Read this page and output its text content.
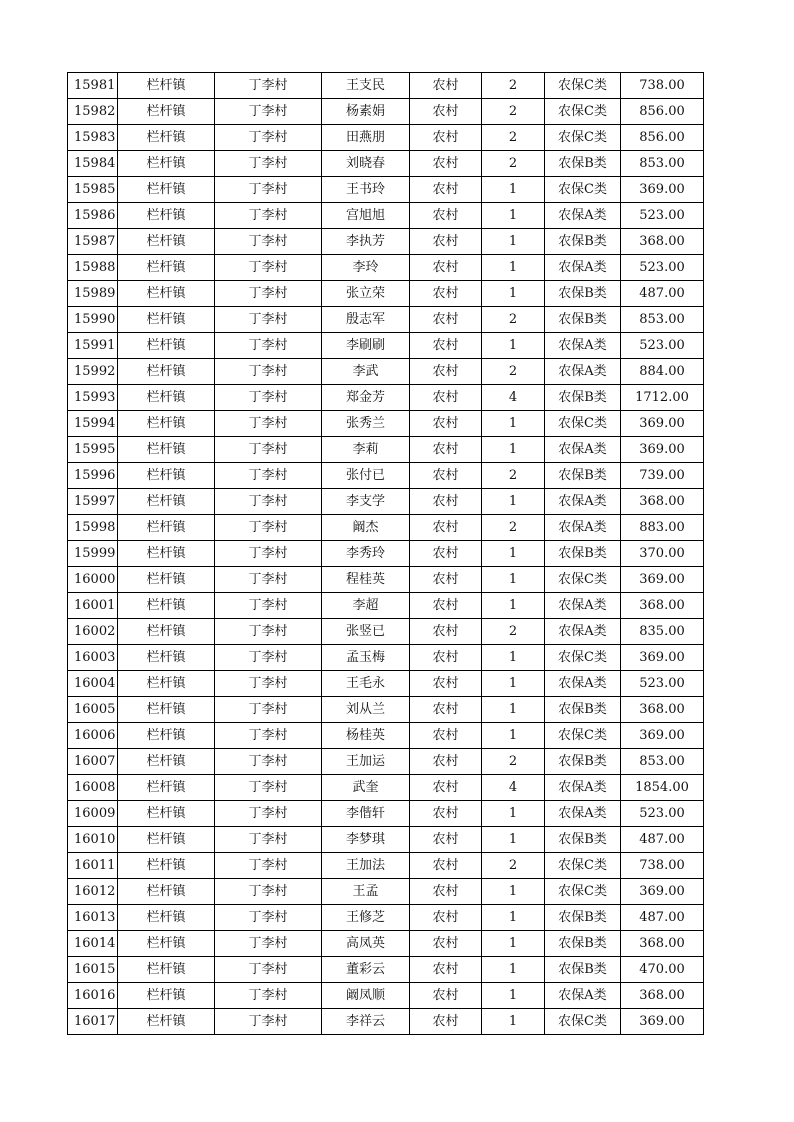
15981	栏杆镇	丁李村	王支民	农村	2	农保C类	738.00
15982	栏杆镇	丁李村	杨素娟	农村	2	农保C类	856.00
15983	栏杆镇	丁李村	田燕朋	农村	2	农保C类	856.00
15984	栏杆镇	丁李村	刘晓春	农村	2	农保B类	853.00
15985	栏杆镇	丁李村	王书玲	农村	1	农保C类	369.00
15986	栏杆镇	丁李村	宫旭旭	农村	1	农保A类	523.00
15987	栏杆镇	丁李村	李执芳	农村	1	农保B类	368.00
15988	栏杆镇	丁李村	李玲	农村	1	农保A类	523.00
15989	栏杆镇	丁李村	张立荣	农村	1	农保B类	487.00
15990	栏杆镇	丁李村	殷志军	农村	2	农保B类	853.00
15991	栏杆镇	丁李村	李刷刷	农村	1	农保A类	523.00
15992	栏杆镇	丁李村	李武	农村	2	农保A类	884.00
15993	栏杆镇	丁李村	郑金芳	农村	4	农保B类	1712.00
15994	栏杆镇	丁李村	张秀兰	农村	1	农保C类	369.00
15995	栏杆镇	丁李村	李莉	农村	1	农保A类	369.00
15996	栏杆镇	丁李村	张付已	农村	2	农保B类	739.00
15997	栏杆镇	丁李村	李支学	农村	1	农保A类	368.00
15998	栏杆镇	丁李村	阚杰	农村	2	农保A类	883.00
15999	栏杆镇	丁李村	李秀玲	农村	1	农保B类	370.00
16000	栏杆镇	丁李村	程桂英	农村	1	农保C类	369.00
16001	栏杆镇	丁李村	李超	农村	1	农保A类	368.00
16002	栏杆镇	丁李村	张竖已	农村	2	农保A类	835.00
16003	栏杆镇	丁李村	孟玉梅	农村	1	农保C类	369.00
16004	栏杆镇	丁李村	王毛永	农村	1	农保A类	523.00
16005	栏杆镇	丁李村	刘从兰	农村	1	农保B类	368.00
16006	栏杆镇	丁李村	杨桂英	农村	1	农保C类	369.00
16007	栏杆镇	丁李村	王加运	农村	2	农保B类	853.00
16008	栏杆镇	丁李村	武奎	农村	4	农保A类	1854.00
16009	栏杆镇	丁李村	李偕轩	农村	1	农保A类	523.00
16010	栏杆镇	丁李村	李梦琪	农村	1	农保B类	487.00
16011	栏杆镇	丁李村	王加法	农村	2	农保C类	738.00
16012	栏杆镇	丁李村	王孟	农村	1	农保C类	369.00
16013	栏杆镇	丁李村	王修芝	农村	1	农保B类	487.00
16014	栏杆镇	丁李村	高凤英	农村	1	农保B类	368.00
16015	栏杆镇	丁李村	董彩云	农村	1	农保B类	470.00
16016	栏杆镇	丁李村	阚凤顺	农村	1	农保A类	368.00
16017	栏杆镇	丁李村	李祥云	农村	1	农保C类	369.00
